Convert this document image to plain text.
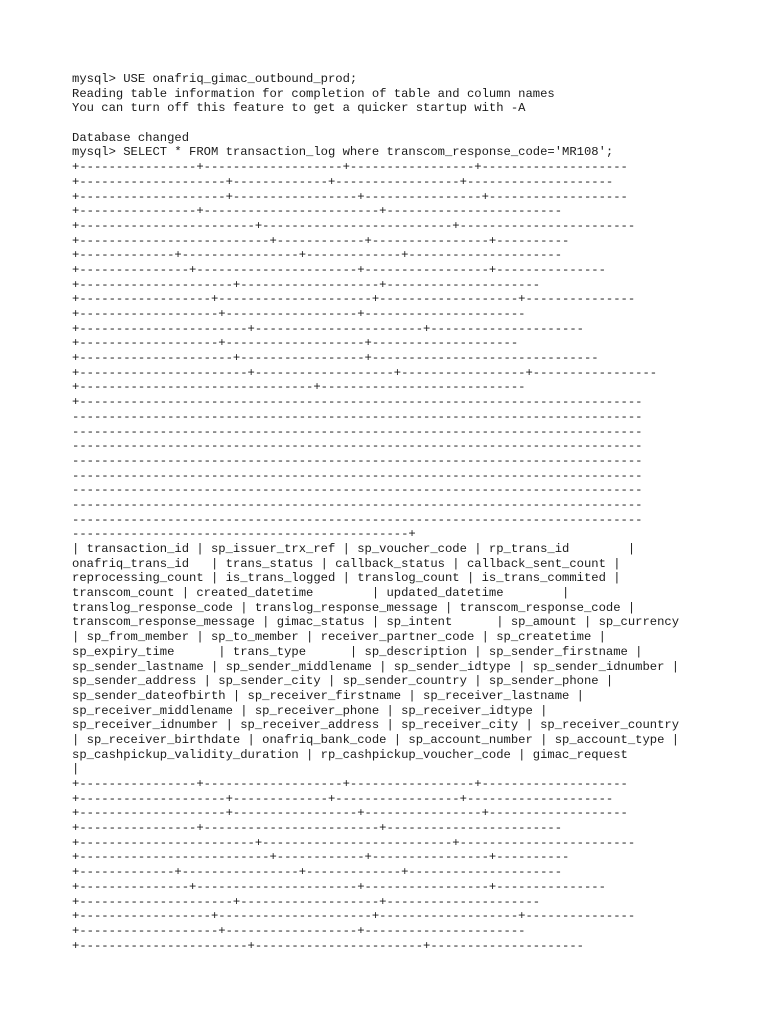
mysql> USE onafriq_gimac_outbound_prod;
Reading table information for completion of table and column names
You can turn off this feature to get a quicker startup with -A

Database changed
mysql> SELECT * FROM transaction_log where transcom_response_code='MR108';
+----------------+-------------------+-----------------+--------------------
+--------------------+-------------+-----------------+--------------------
+--------------------+-----------------+----------------+-------------------
+----------------+------------------------+------------------------
+------------------------+--------------------------+------------------------
+--------------------------+------------+----------------+----------
+-------------+----------------+-------------+---------------------
+---------------+----------------------+-----------------+---------------
+---------------------+-------------------+---------------------
+------------------+---------------------+-------------------+---------------
+-------------------+------------------+----------------------
+-----------------------+-----------------------+---------------------
+-------------------+-------------------+--------------------
+---------------------+-----------------+-------------------------------
+-----------------------+-------------------+-----------------+-----------------
+--------------------------------+----------------------------
+-----------------------------------------------------------------------------
------------------------------------------------------------------------------
------------------------------------------------------------------------------
------------------------------------------------------------------------------
------------------------------------------------------------------------------
------------------------------------------------------------------------------
------------------------------------------------------------------------------
------------------------------------------------------------------------------
------------------------------------------------------------------------------
----------------------------------------------+
| transaction_id | sp_issuer_trx_ref | sp_voucher_code | rp_trans_id        |
onafriq_trans_id   | trans_status | callback_status | callback_sent_count |
reprocessing_count | is_trans_logged | translog_count | is_trans_commited |
transcom_count | created_datetime        | updated_datetime        |
translog_response_code | translog_response_message | transcom_response_code |
transcom_response_message | gimac_status | sp_intent      | sp_amount | sp_currency
| sp_from_member | sp_to_member | receiver_partner_code | sp_createtime |
sp_expiry_time      | trans_type      | sp_description | sp_sender_firstname |
sp_sender_lastname | sp_sender_middlename | sp_sender_idtype | sp_sender_idnumber |
sp_sender_address | sp_sender_city | sp_sender_country | sp_sender_phone |
sp_sender_dateofbirth | sp_receiver_firstname | sp_receiver_lastname |
sp_receiver_middlename | sp_receiver_phone | sp_receiver_idtype |
sp_receiver_idnumber | sp_receiver_address | sp_receiver_city | sp_receiver_country
| sp_receiver_birthdate | onafriq_bank_code | sp_account_number | sp_account_type |
sp_cashpickup_validity_duration | rp_cashpickup_voucher_code | gimac_request
|
+----------------+-------------------+-----------------+--------------------
+--------------------+-------------+-----------------+--------------------
+--------------------+-----------------+----------------+-------------------
+----------------+------------------------+------------------------
+------------------------+--------------------------+------------------------
+--------------------------+------------+----------------+----------
+-------------+----------------+-------------+---------------------
+---------------+----------------------+-----------------+---------------
+---------------------+-------------------+---------------------
+------------------+---------------------+-------------------+---------------
+-------------------+------------------+----------------------
+-----------------------+-----------------------+---------------------
